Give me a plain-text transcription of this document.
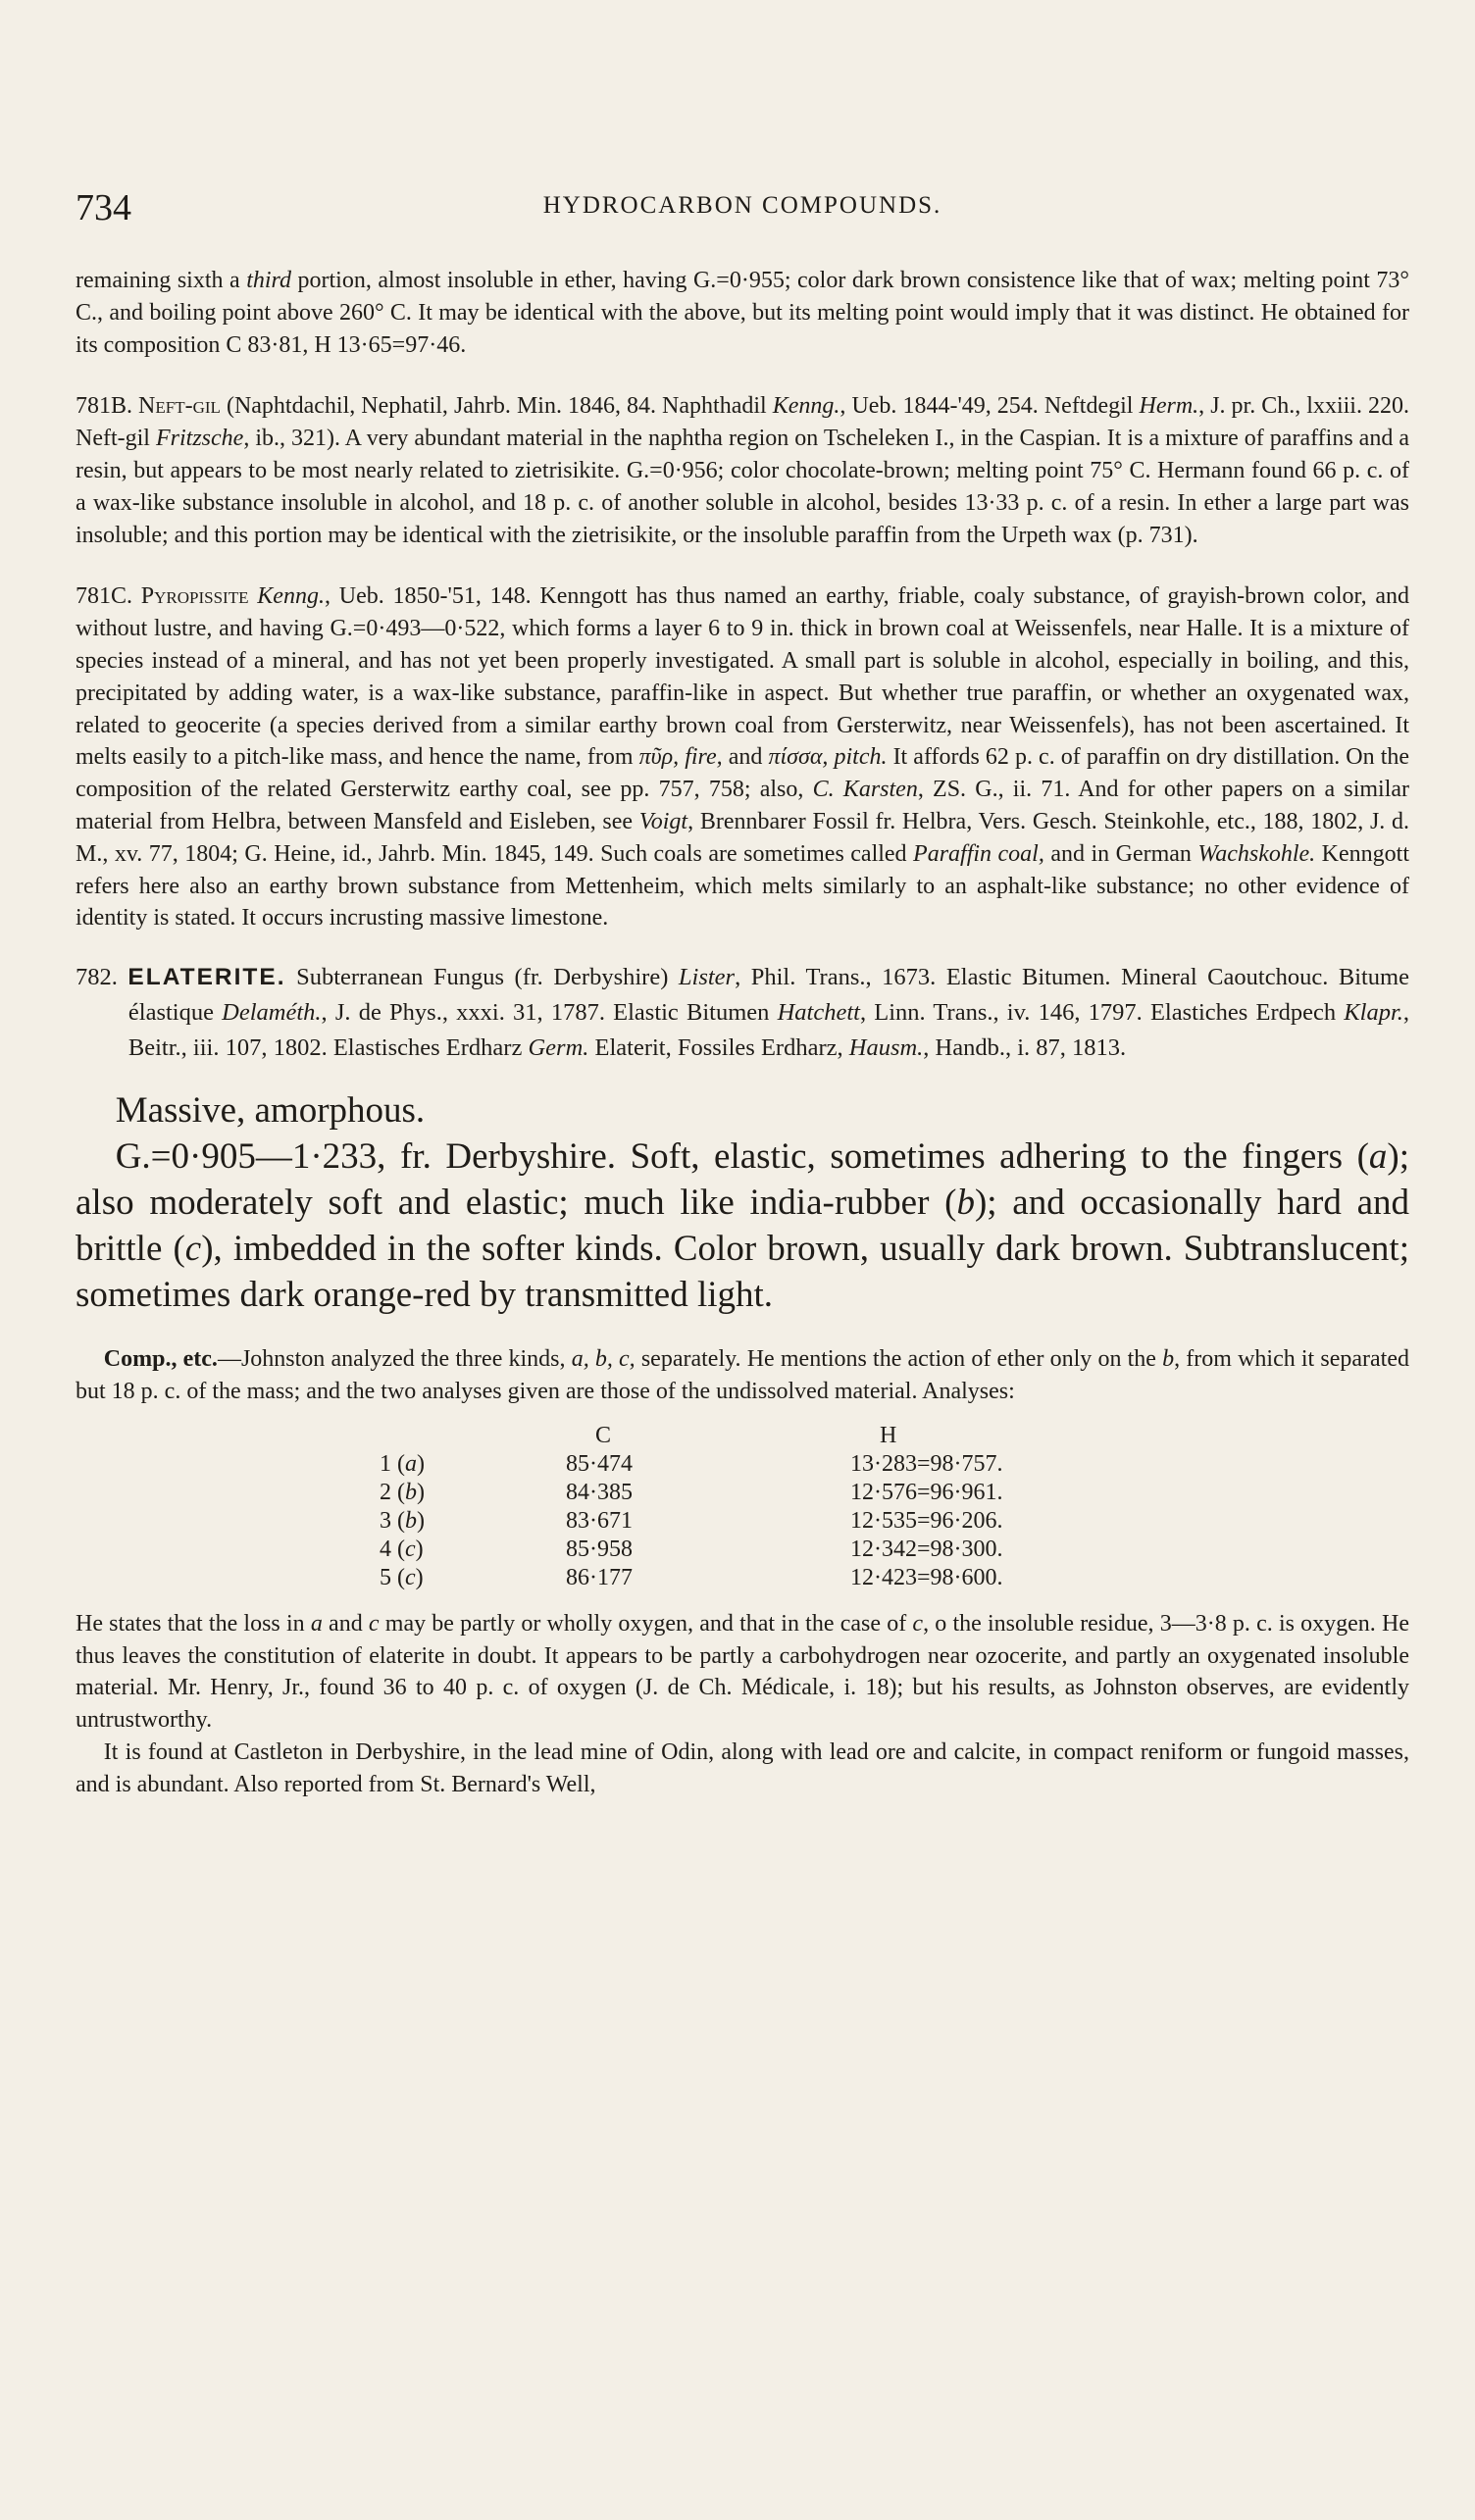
734	HYDROCARBON COMPOUNDS.

remaining sixth a third portion, almost insoluble in ether, having G.=0·955; color dark brown consistence like that of wax; melting point 73° C., and boiling point above 260° C. It may be identical with the above, but its melting point would imply that it was distinct. He obtained for its composition C 83·81, H 13·65=97·46.

781B. Neft-gil (Naphtdachil, Nephatil, Jahrb. Min. 1846, 84. Naphthadil Kenng., Ueb. 1844-'49, 254. Neftdegil Herm., J. pr. Ch., lxxiii. 220. Neft-gil Fritzsche, ib., 321). A very abundant material in the naphtha region on Tscheleken I., in the Caspian. It is a mixture of paraffins and a resin, but appears to be most nearly related to zietrisikite. G.=0·956; color chocolate-brown; melting point 75° C. Hermann found 66 p. c. of a wax-like substance insoluble in alcohol, and 18 p. c. of another soluble in alcohol, besides 13·33 p. c. of a resin. In ether a large part was insoluble; and this portion may be identical with the zietrisikite, or the insoluble paraffin from the Urpeth wax (p. 731).

781C. Pyropissite Kenng., Ueb. 1850-'51, 148. Kenngott has thus named an earthy, friable, coaly substance, of grayish-brown color, and without lustre, and having G.=0·493—0·522, which forms a layer 6 to 9 in. thick in brown coal at Weissenfels, near Halle. It is a mixture of species instead of a mineral, and has not yet been properly investigated. A small part is soluble in alcohol, especially in boiling, and this, precipitated by adding water, is a wax-like substance, paraffin-like in aspect. But whether true paraffin, or whether an oxygenated wax, related to geocerite (a species derived from a similar earthy brown coal from Gersterwitz, near Weissenfels), has not been ascertained. It melts easily to a pitch-like mass, and hence the name, from πῦρ, fire, and πίσσα, pitch. It affords 62 p. c. of paraffin on dry distillation. On the composition of the related Gersterwitz earthy coal, see pp. 757, 758; also, C. Karsten, ZS. G., ii. 71. And for other papers on a similar material from Helbra, between Mansfeld and Eisleben, see Voigt, Brennbarer Fossil fr. Helbra, Vers. Gesch. Steinkohle, etc., 188, 1802, J. d. M., xv. 77, 1804; G. Heine, id., Jahrb. Min. 1845, 149. Such coals are sometimes called Paraffin coal, and in German Wachskohle. Kenngott refers here also an earthy brown substance from Mettenheim, which melts similarly to an asphalt-like substance; no other evidence of identity is stated. It occurs incrusting massive limestone.

782. ELATERITE. Subterranean Fungus (fr. Derbyshire) Lister, Phil. Trans., 1673. Elastic Bitumen. Mineral Caoutchouc. Bitume élastique Delaméth., J. de Phys., xxxi. 31, 1787. Elastic Bitumen Hatchett, Linn. Trans., iv. 146, 1797. Elastiches Erdpech Klapr., Beitr., iii. 107, 1802. Elastisches Erdharz Germ. Elaterit, Fossiles Erdharz, Hausm., Handb., i. 87, 1813.

Massive, amorphous.

G.=0·905—1·233, fr. Derbyshire. Soft, elastic, sometimes adhering to the fingers (a); also moderately soft and elastic; much like india-rubber (b); and occasionally hard and brittle (c), imbedded in the softer kinds. Color brown, usually dark brown. Subtranslucent; sometimes dark orange-red by transmitted light.

Comp., etc.—Johnston analyzed the three kinds, a, b, c, separately. He mentions the action of ether only on the b, from which it separated but 18 p. c. of the mass; and the two analyses given are those of the undissolved material. Analyses:

	C	H
1 (a)	85·474	13·283=98·757.
2 (b)	84·385	12·576=96·961.
3 (b)	83·671	12·535=96·206.
4 (c)	85·958	12·342=98·300.
5 (c)	86·177	12·423=98·600.

He states that the loss in a and c may be partly or wholly oxygen, and that in the case of c, o the insoluble residue, 3—3·8 p. c. is oxygen. He thus leaves the constitution of elaterite in doubt. It appears to be partly a carbohydrogen near ozocerite, and partly an oxygenated insoluble material. Mr. Henry, Jr., found 36 to 40 p. c. of oxygen (J. de Ch. Médicale, i. 18); but his results, as Johnston observes, are evidently untrustworthy.

It is found at Castleton in Derbyshire, in the lead mine of Odin, along with lead ore and calcite, in compact reniform or fungoid masses, and is abundant. Also reported from St. Bernard's Well,
